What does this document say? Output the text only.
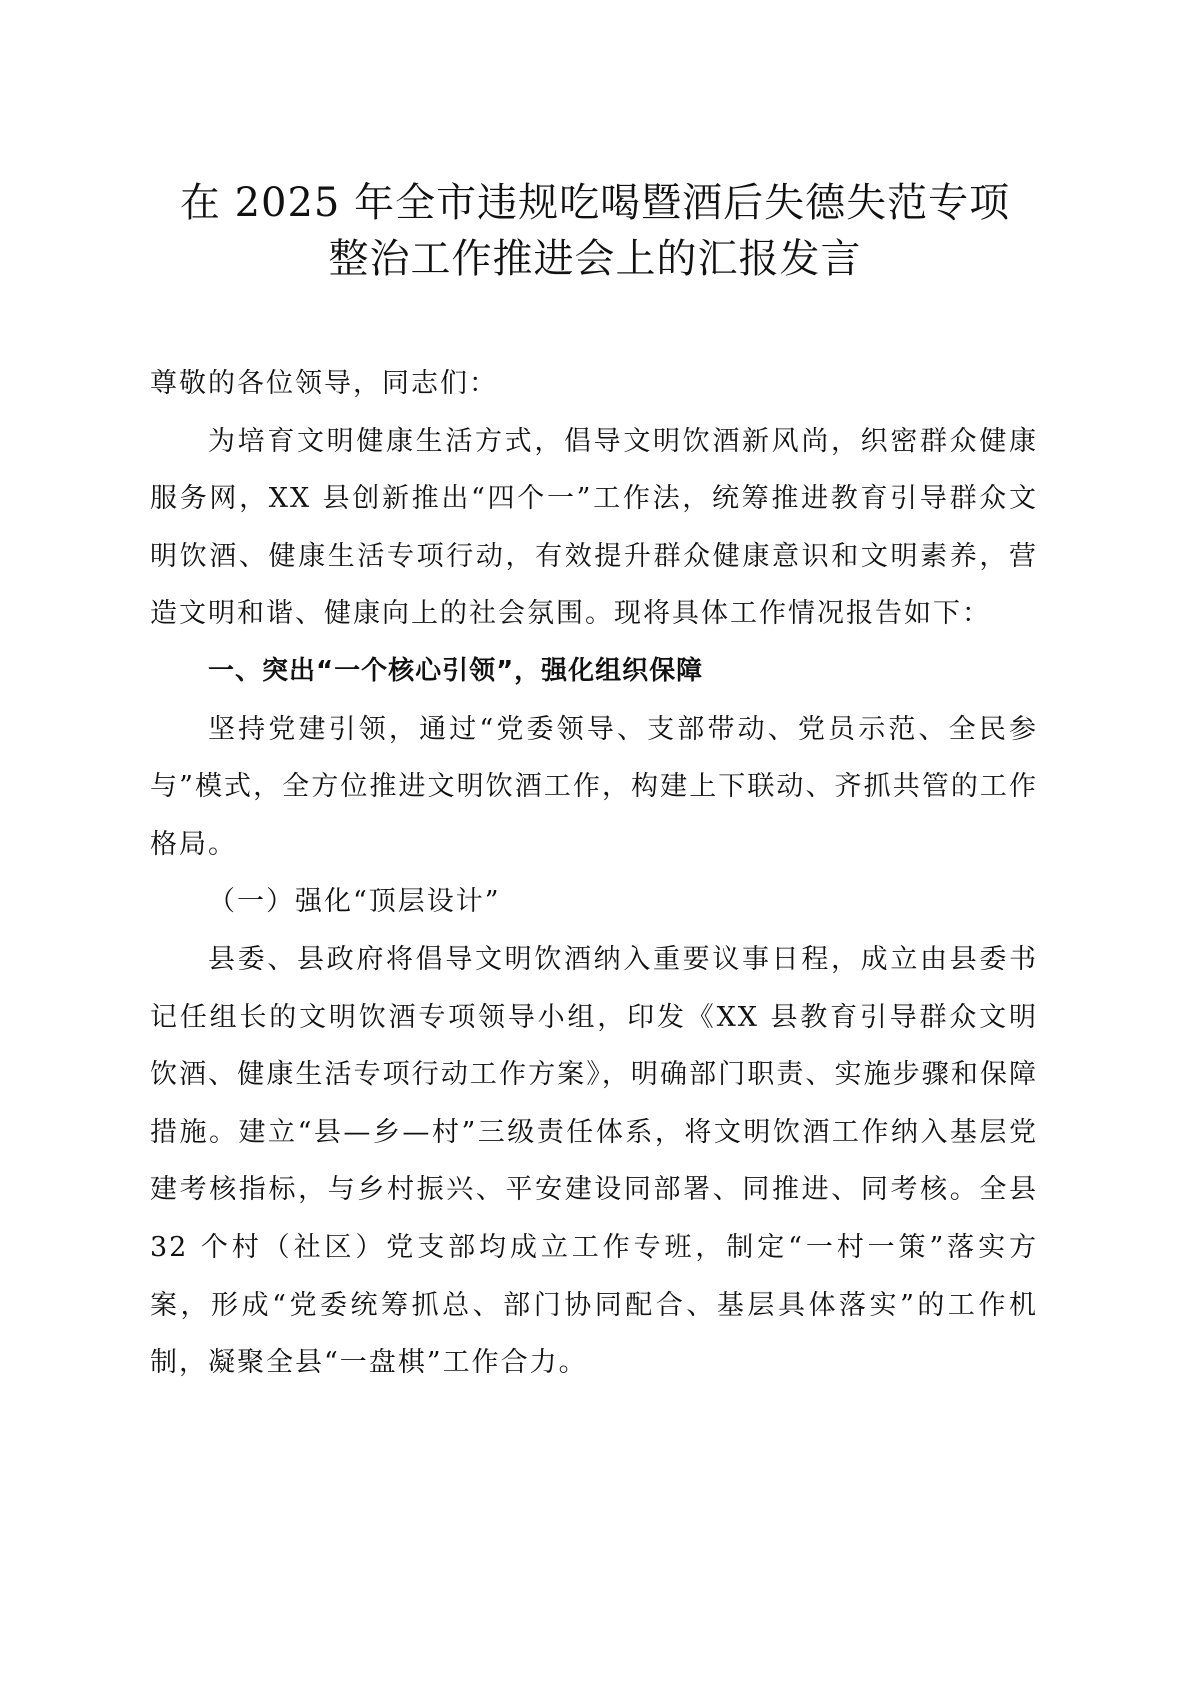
在 2025 年全市违规吃喝暨酒后失德失范专项
整治工作推进会上的汇报发言

尊敬的各位领导，同志们：

为培育文明健康生活方式，倡导文明饮酒新风尚，织密群众健康服务网，XX 县创新推出“四个一”工作法，统筹推进教育引导群众文明饮酒、健康生活专项行动，有效提升群众健康意识和文明素养，营造文明和谐、健康向上的社会氛围。现将具体工作情况报告如下：

一、突出“一个核心引领”，强化组织保障

坚持党建引领，通过“党委领导、支部带动、党员示范、全民参与”模式，全方位推进文明饮酒工作，构建上下联动、齐抓共管的工作格局。

（一）强化“顶层设计”

县委、县政府将倡导文明饮酒纳入重要议事日程，成立由县委书记任组长的文明饮酒专项领导小组，印发《XX 县教育引导群众文明饮酒、健康生活专项行动工作方案》，明确部门职责、实施步骤和保障措施。建立“县—乡—村”三级责任体系，将文明饮酒工作纳入基层党建考核指标，与乡村振兴、平安建设同部署、同推进、同考核。全县 32 个村（社区）党支部均成立工作专班，制定“一村一策”落实方案，形成“党委统筹抓总、部门协同配合、基层具体落实”的工作机制，凝聚全县“一盘棋”工作合力。
